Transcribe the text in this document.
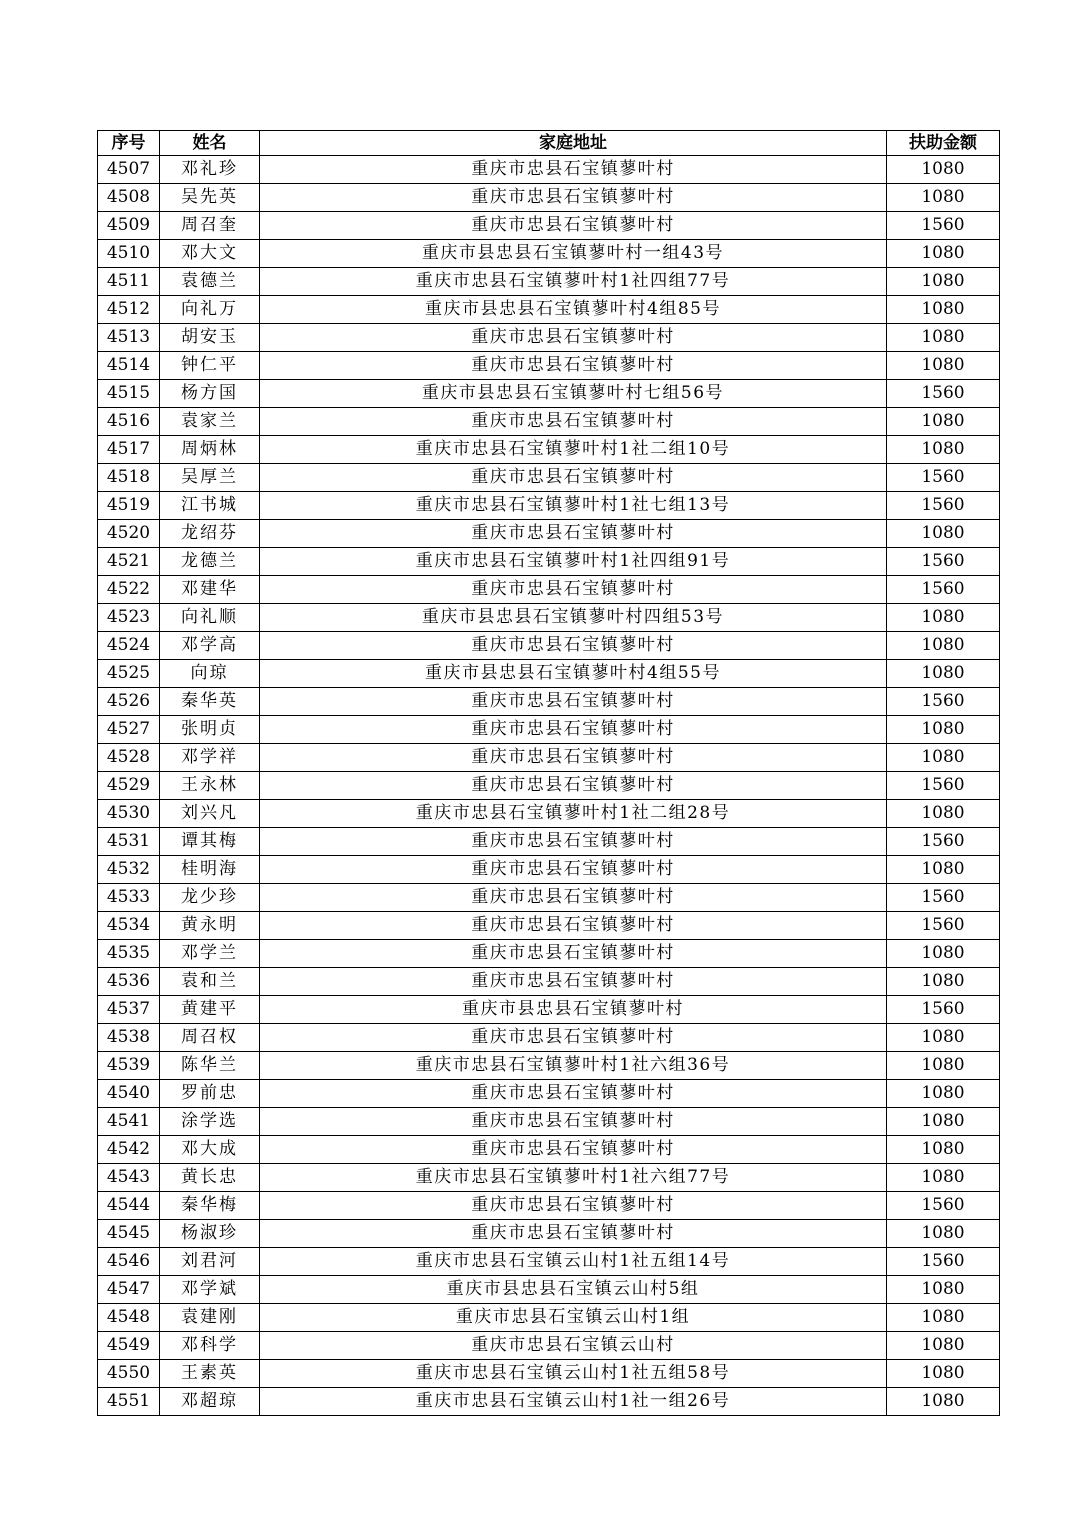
序号	姓名	家庭地址	扶助金额
4507	邓礼珍	重庆市忠县石宝镇蓼叶村	1080
4508	吴先英	重庆市忠县石宝镇蓼叶村	1080
4509	周召奎	重庆市忠县石宝镇蓼叶村	1560
4510	邓大文	重庆市县忠县石宝镇蓼叶村一组43号	1080
4511	袁德兰	重庆市忠县石宝镇蓼叶村1社四组77号	1080
4512	向礼万	重庆市县忠县石宝镇蓼叶村4组85号	1080
4513	胡安玉	重庆市忠县石宝镇蓼叶村	1080
4514	钟仁平	重庆市忠县石宝镇蓼叶村	1080
4515	杨方国	重庆市县忠县石宝镇蓼叶村七组56号	1560
4516	袁家兰	重庆市忠县石宝镇蓼叶村	1080
4517	周炳林	重庆市忠县石宝镇蓼叶村1社二组10号	1080
4518	吴厚兰	重庆市忠县石宝镇蓼叶村	1560
4519	江书城	重庆市忠县石宝镇蓼叶村1社七组13号	1560
4520	龙绍芬	重庆市忠县石宝镇蓼叶村	1080
4521	龙德兰	重庆市忠县石宝镇蓼叶村1社四组91号	1560
4522	邓建华	重庆市忠县石宝镇蓼叶村	1560
4523	向礼顺	重庆市县忠县石宝镇蓼叶村四组53号	1080
4524	邓学高	重庆市忠县石宝镇蓼叶村	1080
4525	向琼	重庆市县忠县石宝镇蓼叶村4组55号	1080
4526	秦华英	重庆市忠县石宝镇蓼叶村	1560
4527	张明贞	重庆市忠县石宝镇蓼叶村	1080
4528	邓学祥	重庆市忠县石宝镇蓼叶村	1080
4529	王永林	重庆市忠县石宝镇蓼叶村	1560
4530	刘兴凡	重庆市忠县石宝镇蓼叶村1社二组28号	1080
4531	谭其梅	重庆市忠县石宝镇蓼叶村	1560
4532	桂明海	重庆市忠县石宝镇蓼叶村	1080
4533	龙少珍	重庆市忠县石宝镇蓼叶村	1560
4534	黄永明	重庆市忠县石宝镇蓼叶村	1560
4535	邓学兰	重庆市忠县石宝镇蓼叶村	1080
4536	袁和兰	重庆市忠县石宝镇蓼叶村	1080
4537	黄建平	重庆市县忠县石宝镇蓼叶村	1560
4538	周召权	重庆市忠县石宝镇蓼叶村	1080
4539	陈华兰	重庆市忠县石宝镇蓼叶村1社六组36号	1080
4540	罗前忠	重庆市忠县石宝镇蓼叶村	1080
4541	涂学选	重庆市忠县石宝镇蓼叶村	1080
4542	邓大成	重庆市忠县石宝镇蓼叶村	1080
4543	黄长忠	重庆市忠县石宝镇蓼叶村1社六组77号	1080
4544	秦华梅	重庆市忠县石宝镇蓼叶村	1560
4545	杨淑珍	重庆市忠县石宝镇蓼叶村	1080
4546	刘君河	重庆市忠县石宝镇云山村1社五组14号	1560
4547	邓学斌	重庆市县忠县石宝镇云山村5组	1080
4548	袁建刚	重庆市忠县石宝镇云山村1组	1080
4549	邓科学	重庆市忠县石宝镇云山村	1080
4550	王素英	重庆市忠县石宝镇云山村1社五组58号	1080
4551	邓超琼	重庆市忠县石宝镇云山村1社一组26号	1080
